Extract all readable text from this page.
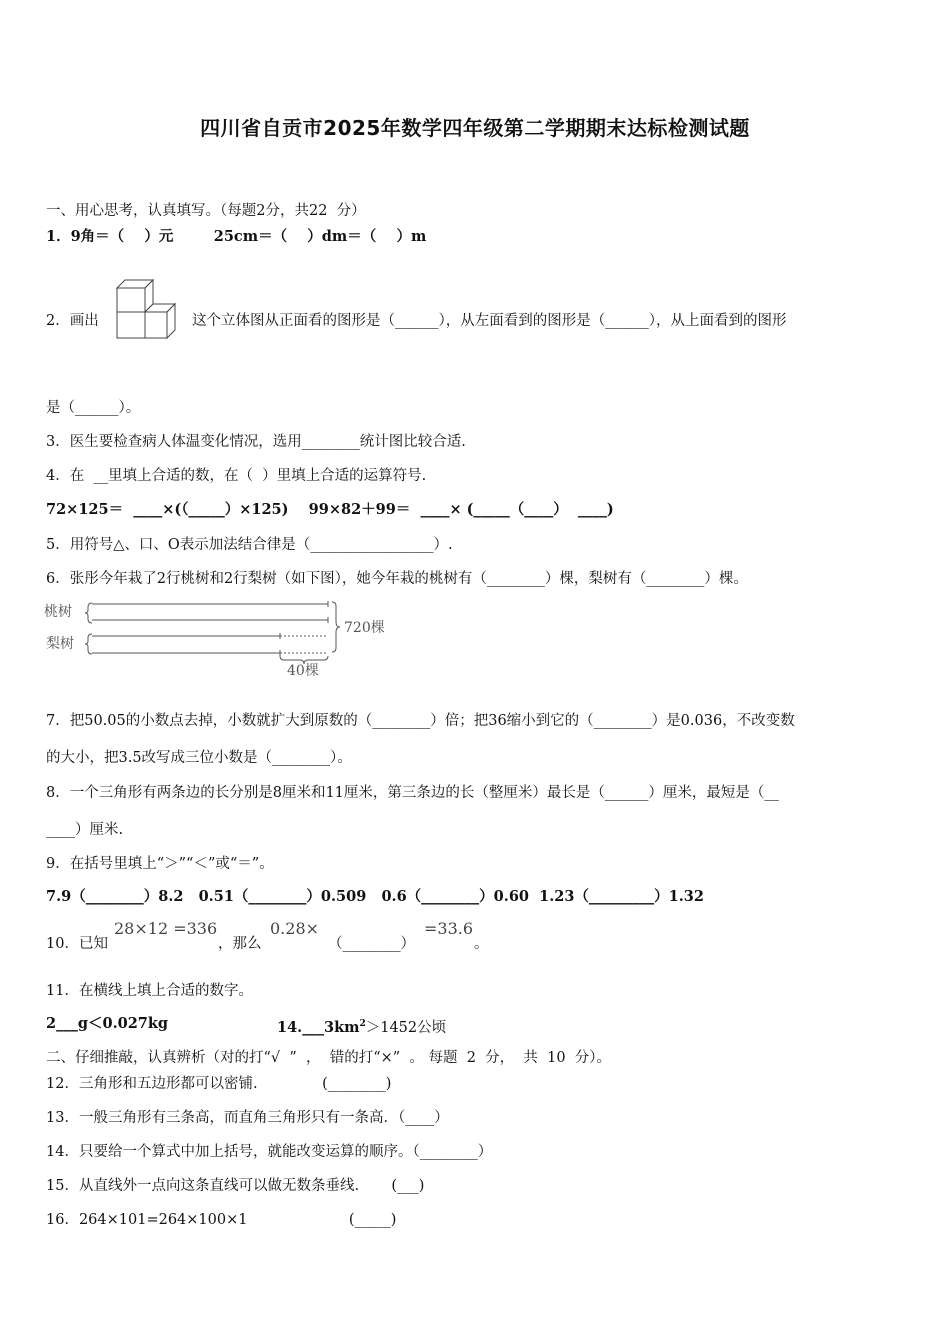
四川省自贡市2025年数学四年级第二学期期末达标检测试题
一、用心思考，认真填写。（每题2分，共22  分）
1．9角＝（    ）元        25cm＝（    ）dm＝（    ）m
2．画出	这个立体图从正面看的图形是（______），从左面看到的图形是（______），从上面看到的图形
是（______）。
3．医生要检查病人体温变化情况，选用________统计图比较合适.
4．在  __里填上合适的数，在（  ）里填上合适的运算符号.
72×125＝  ____×(（_____）×125)    99×82＋99＝  ____× (_____（____）  ____)
5．用符号△、口、O表示加法结合律是（_________________）.
6．张彤今年栽了2行桃树和2行梨树（如下图），她今年栽的桃树有（________）棵，梨树有（________）棵。
桃树
梨树
720棵
40棵
7．把50.05的小数点去掉，小数就扩大到原数的（________）倍；把36缩小到它的（________）是0.036，不改变数
的大小，把3.5改写成三位小数是（________）。
8．一个三角形有两条边的长分别是8厘米和11厘米，第三条边的长（整厘米）最长是（______）厘米，最短是（__
____）厘米.
9．在括号里填上“＞”“＜”或“＝”。
7.9（________）8.2   0.51（________）0.509   0.6（________）0.60  1.23（_________）1.32
10．已知
28×12 =336
，那么
0.28×
（________）
=33.6
。
11．在横线上填上合适的数字。
2___g＜0.027kg	$14.\_\_\_3km^2>1452$公顷
二、仔细推敲，认真辨析（对的打“√  ”  ，  错的打“×”  。 每题  2  分，  共  10  分）。
12．三角形和五边形都可以密铺.              (________)
13．一般三角形有三条高，而直角三角形只有一条高．（____）
14．只要给一个算式中加上括号，就能改变运算的顺序。（________）
15．从直线外一点向这条直线可以做无数条垂线.       (___)
16．264×101=264×100×1                      (_____)
